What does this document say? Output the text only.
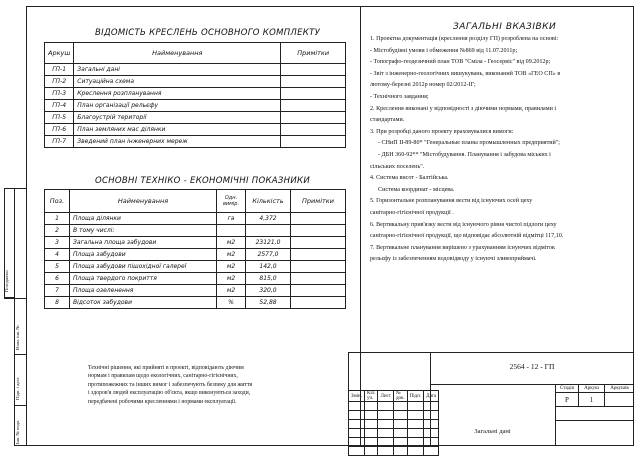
Погоджено
Інв. № подл.
Підп. і дата
Взам. інв. №
ВІДОМІСТЬ КРЕСЛЕНЬ ОСНОВНОГО КОМПЛЕКТУ
Аркуш	Найменування	Примітки
ГП-1	Загальні дані	
ГП-2	Ситуаційна схема	
ГП-3	Креслення розпланування	
ГП-4	План організації рельєфу	
ГП-5	Благоустрій території	
ГП-6	План земляних мас ділянки	
ГП-7	Зведений план інженерних мереж	
ОСНОВНІ ТЕХНІКО - ЕКОНОМІЧНІ ПОКАЗНИКИ
Поз.	Найменування	Одн. вимір.	Кількість	Примітки
1	Площа ділянки	га	4,372	
2	В тому числі:			
3	Загальна площа забудови	м2	23121,0	
4	Площа забудови	м2	2577,0	
5	Площа забудови пішохідної галереї	м2	142,0	
6	Площа твердого покриття	м2	815,0	
7	Площа озеленення	м2	320,0	
8	Відсоток забудови	%	52,88	
ЗАГАЛЬНІ ВКАЗІВКИ
1. Проектна документація (креслення розділу ГП) розроблена на основі:
- Містобудівні умови і обмеження №869 від 11.07.2011р;
- Топографо-геодезичний план ТОВ "Сміла - Геосервіс" від 09.2012р;
- Звіт з інженерно-геологічних вишукувань, виконаний ТОВ «ГЕО СП» в
лютому-березні 2012р номер 02/2012-IГ;
- Технічного завдання;
2. Креслення виконані у відповідності з діючими нормами, правилами і
стандартами.
3. При розробці даного проекту враховувалися вимоги:
- СНиП II-89-80* "Генеральные планы промышленных предприятий";
- ДБН 360-92** "Містобудування. Планування і забудова міських і
сільських поселень".
4. Система висот - Балтійська.
Система координат - місцева.
5. Горизонтальне розпланування вести від існуючих осей цеху
санітарно-гігієнічної продукції .
6. Вертикальну прив'язку вести від існуючого рівня чистої підлоги цеху
санітарно-гігієнічної продукції, що відповідає абсолютній відмітці 117,10.
7. Вертикальне планування вирішено з урахуванням існуючих відміток
рельєфу із забезпеченням водовідводу у існуючі зливоприймачі.
Технічні рішення, які прийняті в проекті, відповідають діючим
нормам і правилам щодо екологічних, санітарно-гігієнічних,
протипожежних та інших вимог і забезпечують безпеку для життя
і здоров'я людей експлуатацію об'єкта, якщо виконуються заходи,
передбачені робочими кресленнями і нормами експлуатації.
2564 - 12 - ГП
Стадія	Аркуш	Аркушів
Р	1
Загальні дані
Змін.	Кіл. уч.	Лист	№ док.	Підп.	Дата
